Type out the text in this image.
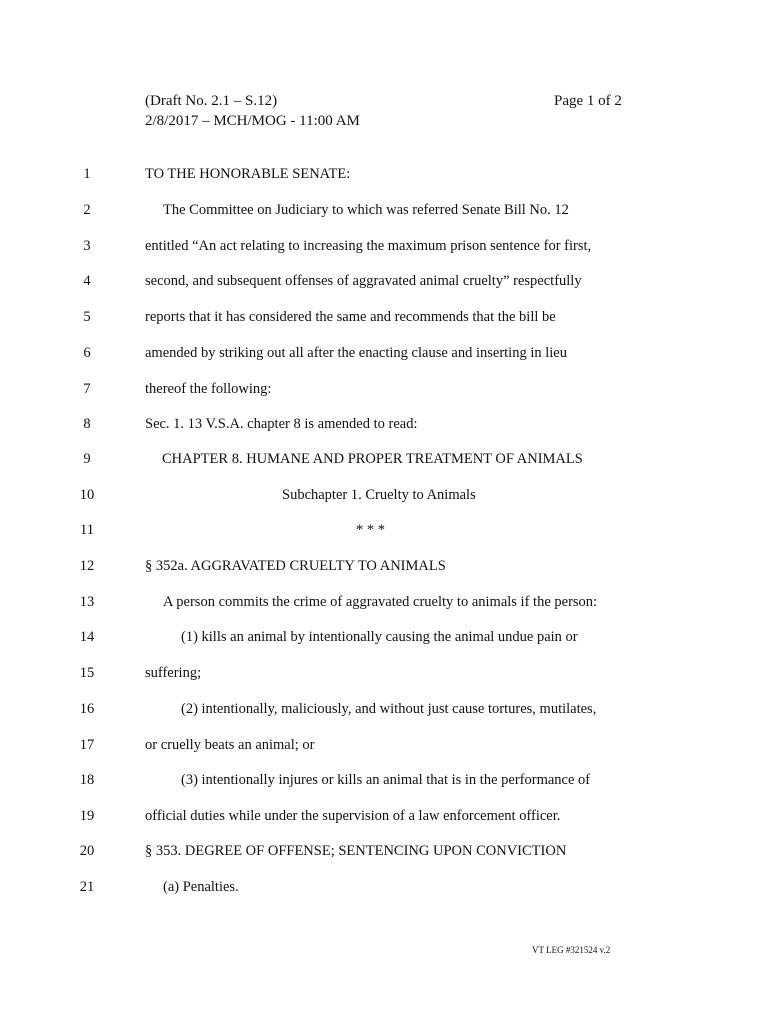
(Draft No. 2.1 – S.12)
2/8/2017 – MCH/MOG - 11:00 AM
Page 1 of 2
1	TO THE HONORABLE SENATE:
2	The Committee on Judiciary to which was referred Senate Bill No. 12
3	entitled “An act relating to increasing the maximum prison sentence for first,
4	second, and subsequent offenses of aggravated animal cruelty” respectfully
5	reports that it has considered the same and recommends that the bill be
6	amended by striking out all after the enacting clause and inserting in lieu
7	thereof the following:
8	Sec. 1. 13 V.S.A. chapter 8 is amended to read:
9	CHAPTER 8. HUMANE AND PROPER TREATMENT OF ANIMALS
10	Subchapter 1. Cruelty to Animals
11	* * *
12	§ 352a. AGGRAVATED CRUELTY TO ANIMALS
13	A person commits the crime of aggravated cruelty to animals if the person:
14	(1) kills an animal by intentionally causing the animal undue pain or
15	suffering;
16	(2) intentionally, maliciously, and without just cause tortures, mutilates,
17	or cruelly beats an animal; or
18	(3) intentionally injures or kills an animal that is in the performance of
19	official duties while under the supervision of a law enforcement officer.
20	§ 353. DEGREE OF OFFENSE; SENTENCING UPON CONVICTION
21	(a) Penalties.
VT LEG #321524 v.2
